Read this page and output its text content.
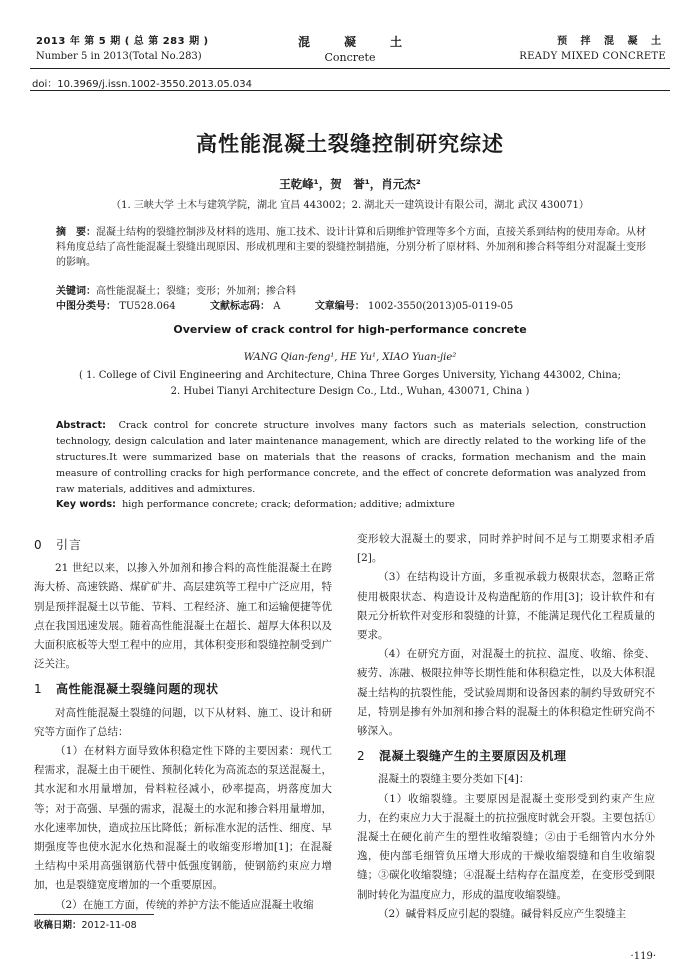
2013 年 第 5 期 ( 总 第 283 期 )
Number 5 in 2013(Total No.283)
混凝土
Concrete
预 拌 混 凝 土
READY MIXED CONCRETE
doi：10.3969/j.issn.1002-3550.2013.05.034
高性能混凝土裂缝控制研究综述
王乾峰¹，贺　誉¹，肖元杰²
（1. 三峡大学 土木与建筑学院，湖北 宜昌 443002；2. 湖北天一建筑设计有限公司，湖北 武汉 430071）
摘　要：混凝土结构的裂缝控制涉及材料的选用、施工技术、设计计算和后期维护管理等多个方面，直接关系到结构的使用寿命。从材料角度总结了高性能混凝土裂缝出现原因、形成机理和主要的裂缝控制措施，分别分析了原材料、外加剂和掺合料等组分对混凝土变形的影响。
关键词：高性能混凝土；裂缝；变形；外加剂；掺合料
中图分类号： TU528.064	文献标志码： A	文章编号： 1002-3550(2013)05-0119-05
Overview of crack control for high-performance concrete
WANG Qian-feng¹, HE Yu¹, XIAO Yuan-jie²
( 1. College of Civil Engineering and Architecture, China Three Gorges University, Yichang 443002, China;
2. Hubei Tianyi Architecture Design Co., Ltd., Wuhan, 430071, China )
Abstract: Crack control for concrete structure involves many factors such as materials selection, construction technology, design calculation and later maintenance management, which are directly related to the working life of the structures.It were summarized base on materials that the reasons of cracks, formation mechanism and the main measure of controlling cracks for high performance concrete, and the effect of concrete deformation was analyzed from raw materials, additives and admixtures.
Key words: high performance concrete; crack; deformation; additive; admixture
0 引言

21 世纪以来，以掺入外加剂和掺合料的高性能混凝土在跨海大桥、高速铁路、煤矿矿井、高层建筑等工程中广泛应用，特别是预拌混凝土以节能、节料、工程经济、施工和运输便捷等优点在我国迅速发展。随着高性能混凝土在超长、超厚大体积以及大面积底板等大型工程中的应用，其体积变形和裂缝控制受到广泛关注。

1 高性能混凝土裂缝问题的现状

对高性能混凝土裂缝的问题，以下从材料、施工、设计和研究等方面作了总结：

（1）在材料方面导致体积稳定性下降的主要因素：现代工程需求，混凝土由干硬性、预制化转化为高流态的泵送混凝土，其水泥和水用量增加，骨料粒径减小，砂率提高，坍落度加大等；对于高强、早强的需求，混凝土的水泥和掺合料用量增加，水化速率加快，造成拉压比降低；新标准水泥的活性、细度、早期强度等也使水泥水化热和混凝土的收缩变形增加[1]；在混凝土结构中采用高强钢筋代替中低强度钢筋，使钢筋约束应力增加，也是裂缝宽度增加的一个重要原因。

（2）在施工方面，传统的养护方法不能适应混凝土收缩

变形较大混凝土的要求，同时养护时间不足与工期要求相矛盾[2]。

（3）在结构设计方面，多重视承载力极限状态，忽略正常使用极限状态、构造设计及构造配筋的作用[3]；设计软件和有限元分析软件对变形和裂缝的计算，不能满足现代化工程质量的要求。

（4）在研究方面，对混凝土的抗拉、温度、收缩、徐变、疲劳、冻融、极限拉伸等长期性能和体积稳定性，以及大体积混凝土结构的抗裂性能，受试验周期和设备因素的制约导致研究不足，特别是掺有外加剂和掺合料的混凝土的体积稳定性研究尚不够深入。

2 混凝土裂缝产生的主要原因及机理

混凝土的裂缝主要分类如下[4]：

（1）收缩裂缝。主要原因是混凝土变形受到约束产生应力，在约束应力大于混凝土的抗拉强度时就会开裂。主要包括①混凝土在硬化前产生的塑性收缩裂缝；②由于毛细管内水分外逸，使内部毛细管负压增大形成的干燥收缩裂缝和自生收缩裂缝；③碳化收缩裂缝；④混凝土结构存在温度差，在变形受到限制时转化为温度应力，形成的温度收缩裂缝。

（2）碱骨料反应引起的裂缝。碱骨料反应产生裂缝主

收稿日期：2012-11-08
·119·
